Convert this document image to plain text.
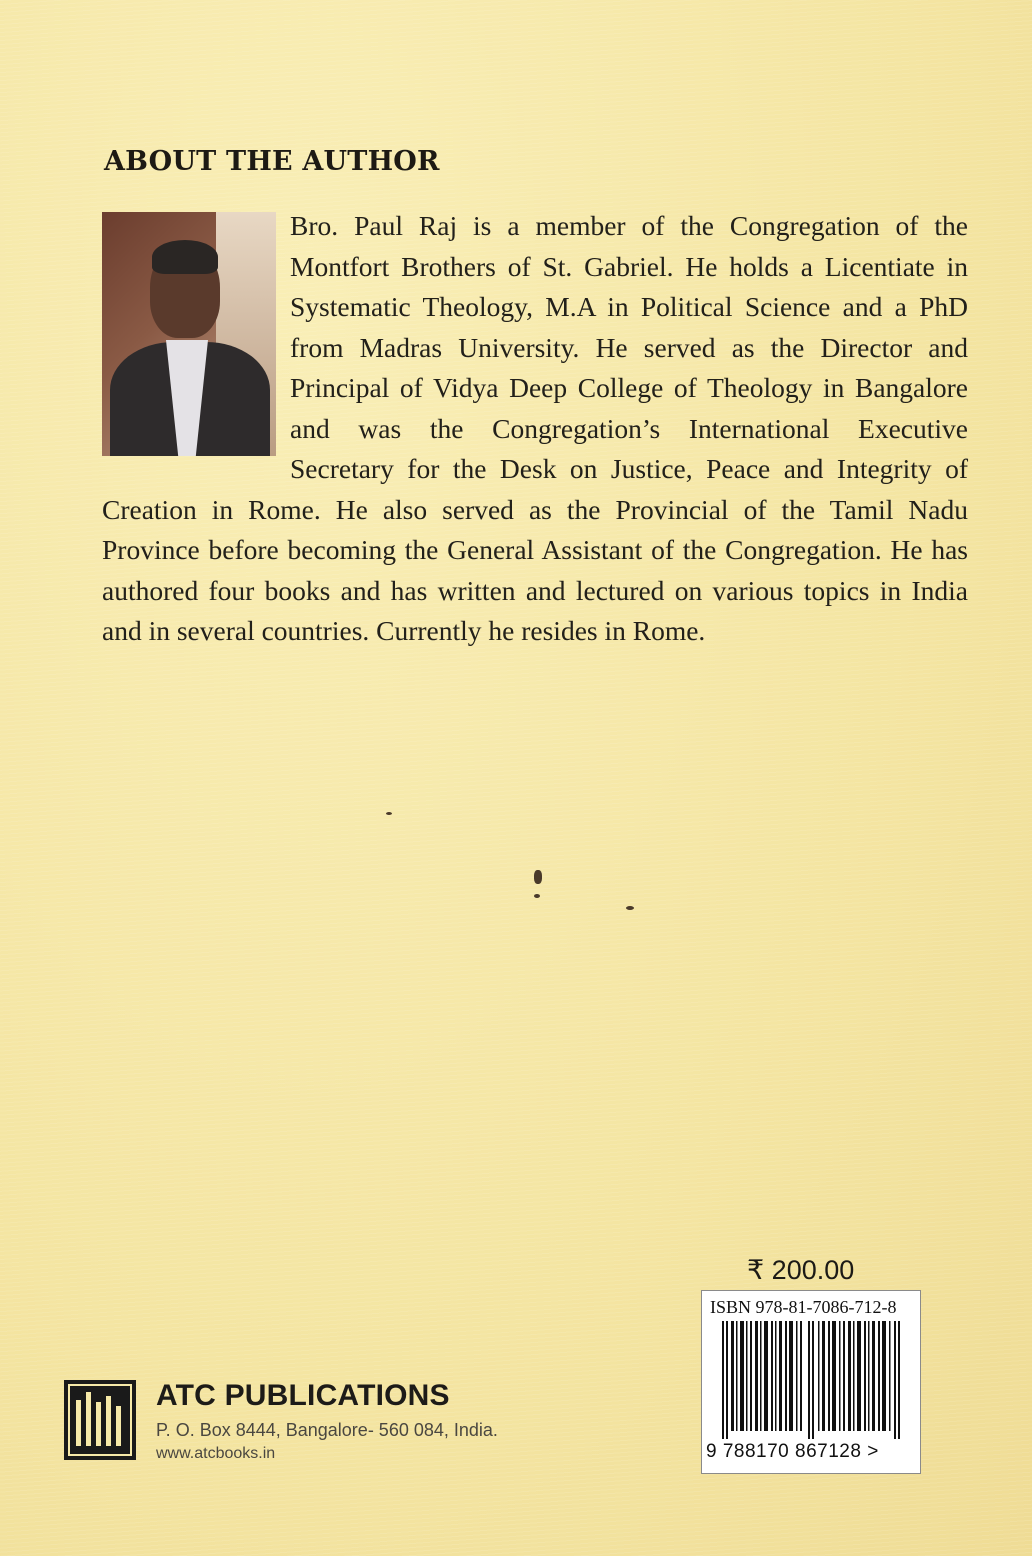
ABOUT THE AUTHOR
Bro. Paul Raj is a member of the Congregation of the Montfort Brothers of St. Gabriel. He holds a Licentiate in Systematic Theology, M.A in Political Science and a PhD from Madras University. He served as the Director and Principal of Vidya Deep College of Theology in Bangalore and was the Congregation’s International Executive Secretary for the Desk on Justice, Peace and Integrity of Creation in Rome. He also served as the Provincial of the Tamil Nadu Province before becoming the General Assistant of the Congregation. He has authored four books and has written and lectured on various topics in India and in several countries. Currently he resides in Rome.
₹ 200.00
ISBN 978-81-7086-712-8
9 788170 867128 >
ATC PUBLICATIONS
P. O. Box 8444, Bangalore- 560 084, India.
www.atcbooks.in
